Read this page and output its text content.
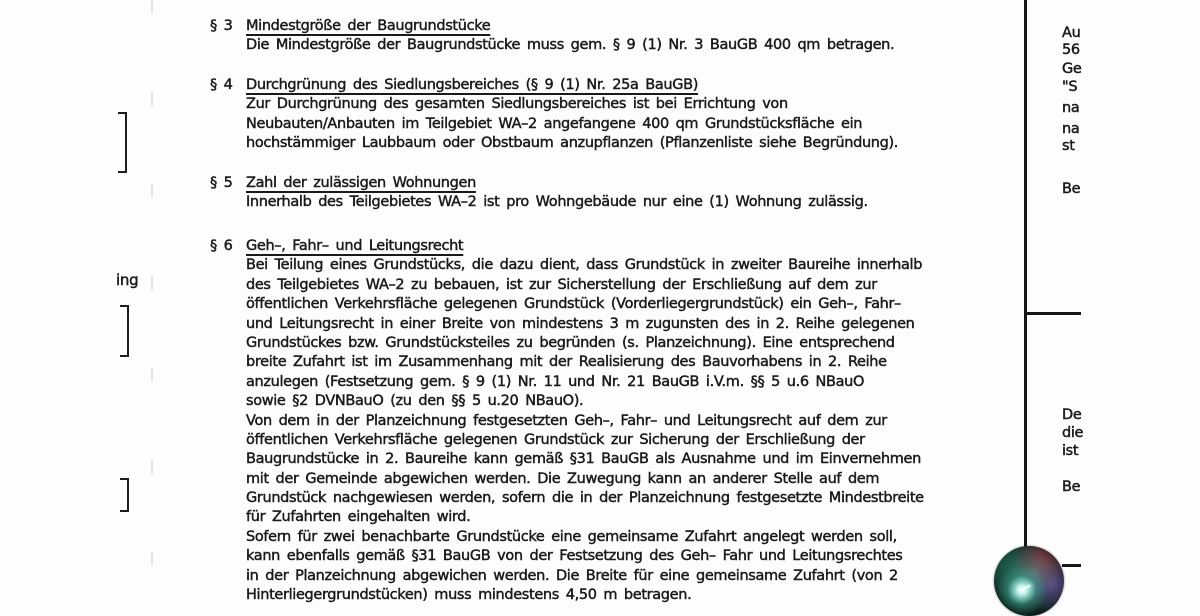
§ 3 Mindestgröße der Baugrundstücke
Die Mindestgröße der Baugrundstücke muss gem. § 9 (1) Nr. 3 BauGB 400 qm betragen.
§ 4 Durchgrünung des Siedlungsbereiches (§ 9 (1) Nr. 25a BauGB)
Zur Durchgrünung des gesamten Siedlungsbereiches ist bei Errichtung von
Neubauten/Anbauten im Teilgebiet WA–2 angefangene 400 qm Grundstücksfläche ein
hochstämmiger Laubbaum oder Obstbaum anzupflanzen (Pflanzenliste siehe Begründung).
§ 5 Zahl der zulässigen Wohnungen
Innerhalb des Teilgebietes WA–2 ist pro Wohngebäude nur eine (1) Wohnung zulässig.
§ 6 Geh–, Fahr– und Leitungsrecht
Bei Teilung eines Grundstücks, die dazu dient, dass Grundstück in zweiter Baureihe innerhalb
des Teilgebietes WA–2 zu bebauen, ist zur Sicherstellung der Erschließung auf dem zur
öffentlichen Verkehrsfläche gelegenen Grundstück (Vorderliegergrundstück) ein Geh–, Fahr–
und Leitungsrecht in einer Breite von mindestens 3 m zugunsten des in 2. Reihe gelegenen
Grundstückes bzw. Grundstücksteiles zu begründen (s. Planzeichnung). Eine entsprechend
breite Zufahrt ist im Zusammenhang mit der Realisierung des Bauvorhabens in 2. Reihe
anzulegen (Festsetzung gem. § 9 (1) Nr. 11 und Nr. 21 BauGB i.V.m. §§ 5 u.6 NBauO
sowie §2 DVNBauO (zu den §§ 5 u.20 NBauO).
Von dem in der Planzeichnung festgesetzten Geh–, Fahr– und Leitungsrecht auf dem zur
öffentlichen Verkehrsfläche gelegenen Grundstück zur Sicherung der Erschließung der
Baugrundstücke in 2. Baureihe kann gemäß §31 BauGB als Ausnahme und im Einvernehmen
mit der Gemeinde abgewichen werden. Die Zuwegung kann an anderer Stelle auf dem
Grundstück nachgewiesen werden, sofern die in der Planzeichnung festgesetzte Mindestbreite
für Zufahrten eingehalten wird.
Sofern für zwei benachbarte Grundstücke eine gemeinsame Zufahrt angelegt werden soll,
kann ebenfalls gemäß §31 BauGB von der Festsetzung des Geh– Fahr und Leitungsrechtes
in der Planzeichnung abgewichen werden. Die Breite für eine gemeinsame Zufahrt (von 2
Hinterliegergrundstücken) muss mindestens 4,50 m betragen.
ing
Au
56
Ge
"S
na
na
st
Be
De
die
ist
Be
